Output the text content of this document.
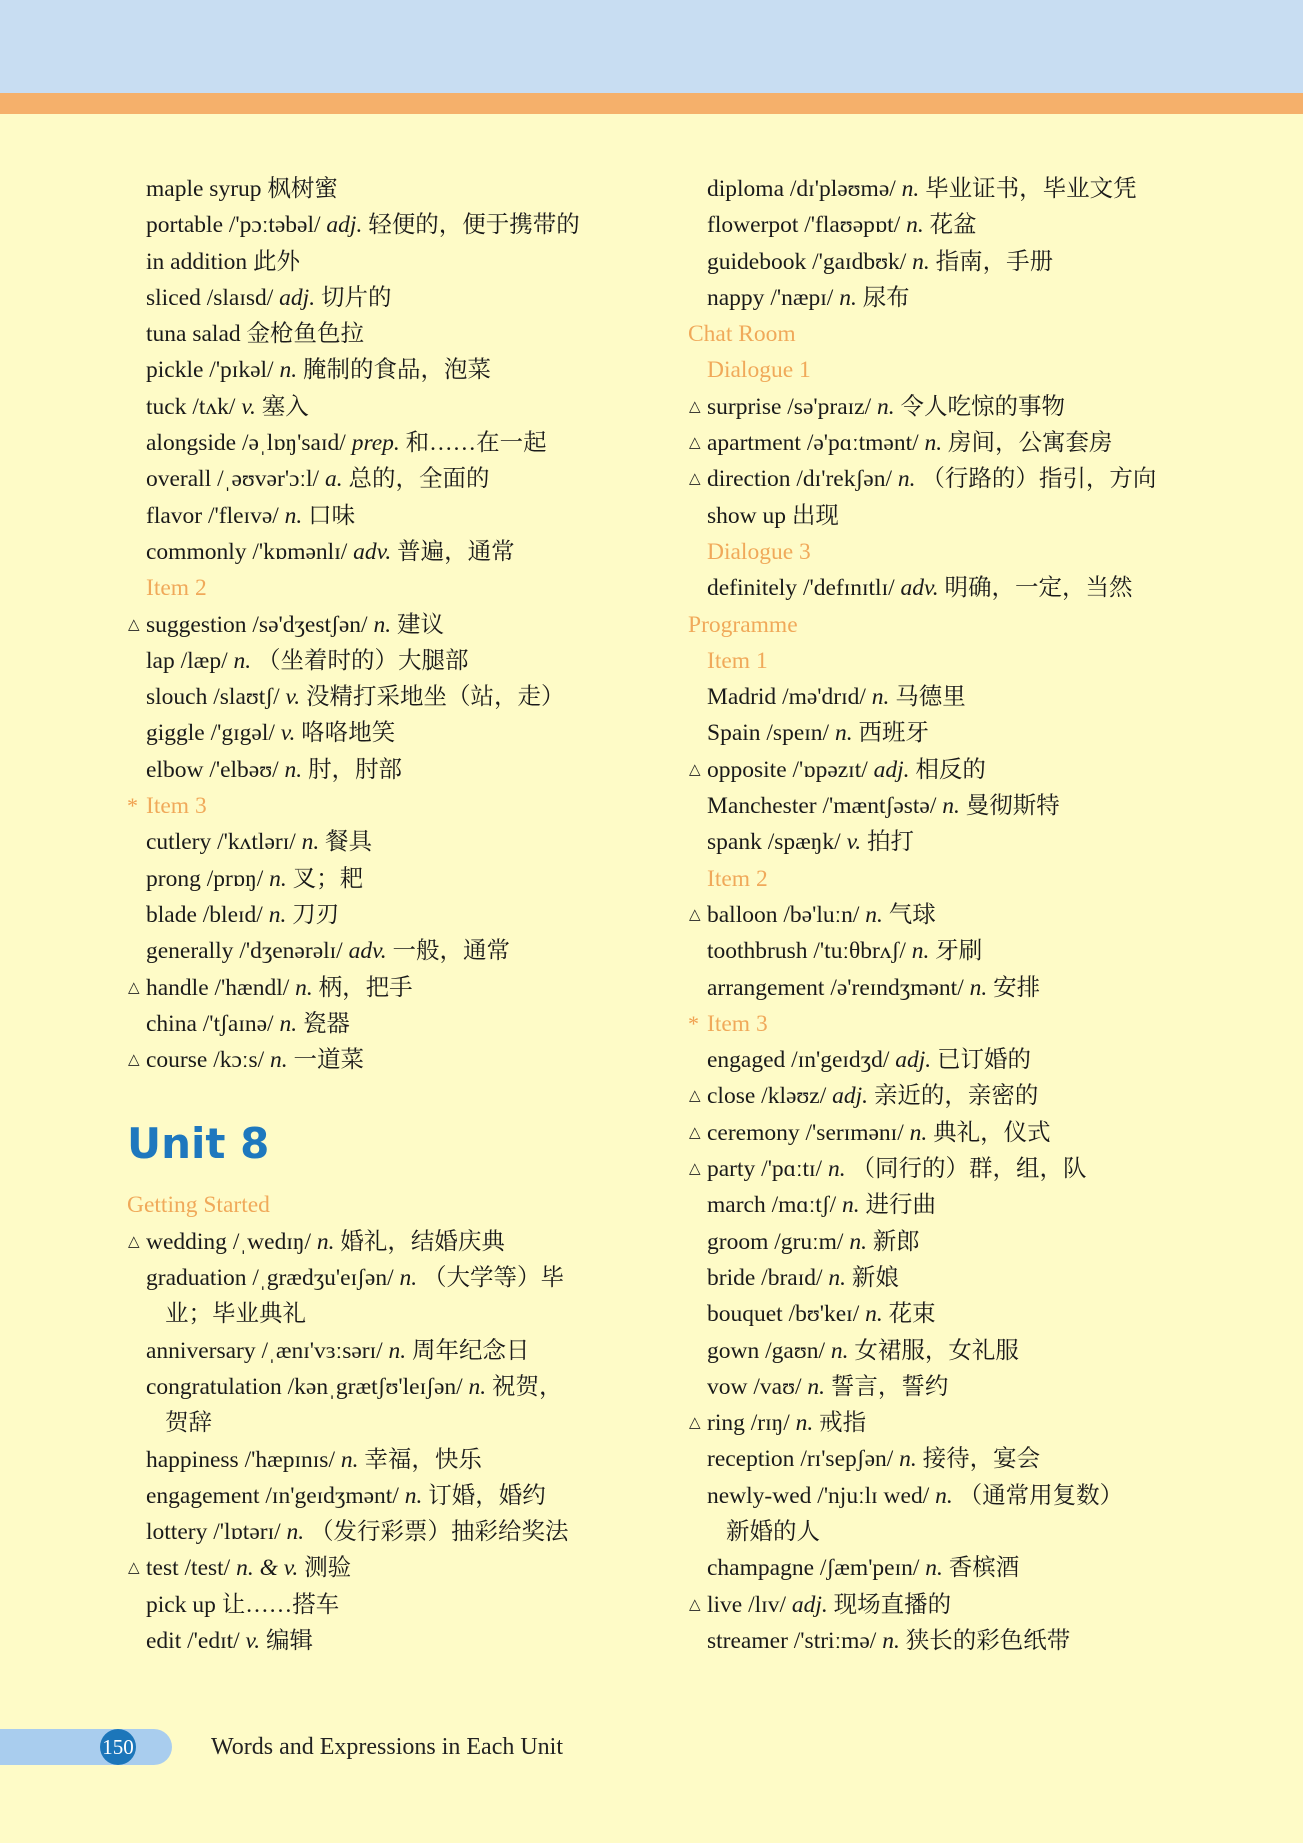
maple syrup 枫树蜜
portable /'pɔːtəbəl/ adj. 轻便的，便于携带的
in addition 此外
sliced /slaɪsd/ adj. 切片的
tuna salad 金枪鱼色拉
pickle /'pɪkəl/ n. 腌制的食品，泡菜
tuck /tʌk/ v. 塞入
alongside /əˌlɒŋ'saɪd/ prep. 和……在一起
overall /ˌəʊvər'ɔːl/ a. 总的，全面的
flavor /'fleɪvə/ n. 口味
commonly /'kɒmənlɪ/ adv. 普遍，通常
Item 2
△ suggestion /sə'dʒestʃən/ n. 建议
lap /læp/ n. （坐着时的）大腿部
slouch /slaʊtʃ/ v. 没精打采地坐（站，走）
giggle /'gɪgəl/ v. 咯咯地笑
elbow /'elbəʊ/ n. 肘，肘部
* Item 3
cutlery /'kʌtlərɪ/ n. 餐具
prong /prɒŋ/ n. 叉；耙
blade /bleɪd/ n. 刀刃
generally /'dʒenərəlɪ/ adv. 一般，通常
△ handle /'hændl/ n. 柄，把手
china /'tʃaɪnə/ n. 瓷器
△ course /kɔːs/ n. 一道菜
Unit 8
Getting Started
△ wedding /ˌwedɪŋ/ n. 婚礼，结婚庆典
graduation /ˌgrædʒu'eɪʃən/ n. （大学等）毕
业；毕业典礼
anniversary /ˌænɪ'vɜːsərɪ/ n. 周年纪念日
congratulation /kənˌgrætʃʊ'leɪʃən/ n. 祝贺，
贺辞
happiness /'hæpɪnɪs/ n. 幸福，快乐
engagement /ɪn'geɪdʒmənt/ n. 订婚，婚约
lottery /'lɒtərɪ/ n. （发行彩票）抽彩给奖法
△ test /test/ n. & v. 测验
pick up 让……搭车
edit /'edɪt/ v. 编辑
diploma /dɪ'pləʊmə/ n. 毕业证书，毕业文凭
flowerpot /'flaʊəpɒt/ n. 花盆
guidebook /'gaɪdbʊk/ n. 指南，手册
nappy /'næpɪ/ n. 尿布
Chat Room
Dialogue 1
△ surprise /sə'praɪz/ n. 令人吃惊的事物
△ apartment /ə'pɑːtmənt/ n. 房间，公寓套房
△ direction /dɪ'rekʃən/ n. （行路的）指引，方向
show up 出现
Dialogue 3
definitely /'defɪnɪtlɪ/ adv. 明确，一定，当然
Programme
Item 1
Madrid /mə'drɪd/ n. 马德里
Spain /speɪn/ n. 西班牙
△ opposite /'ɒpəzɪt/ adj. 相反的
Manchester /'mæntʃəstə/ n. 曼彻斯特
spank /spæŋk/ v. 拍打
Item 2
△ balloon /bə'luːn/ n. 气球
toothbrush /'tuːθbrʌʃ/ n. 牙刷
arrangement /ə'reɪndʒmənt/ n. 安排
* Item 3
engaged /ɪn'geɪdʒd/ adj. 已订婚的
△ close /kləʊz/ adj. 亲近的，亲密的
△ ceremony /'serɪmənɪ/ n. 典礼，仪式
△ party /'pɑːtɪ/ n. （同行的）群，组，队
march /mɑːtʃ/ n. 进行曲
groom /gruːm/ n. 新郎
bride /braɪd/ n. 新娘
bouquet /bʊ'keɪ/ n. 花束
gown /gaʊn/ n. 女裙服，女礼服
vow /vaʊ/ n. 誓言，誓约
△ ring /rɪŋ/ n. 戒指
reception /rɪ'sepʃən/ n. 接待，宴会
newly-wed /'njuːlɪ wed/ n. （通常用复数）
新婚的人
champagne /ʃæm'peɪn/ n. 香槟酒
△ live /lɪv/ adj. 现场直播的
streamer /'striːmə/ n. 狭长的彩色纸带
150	Words and Expressions in Each Unit
